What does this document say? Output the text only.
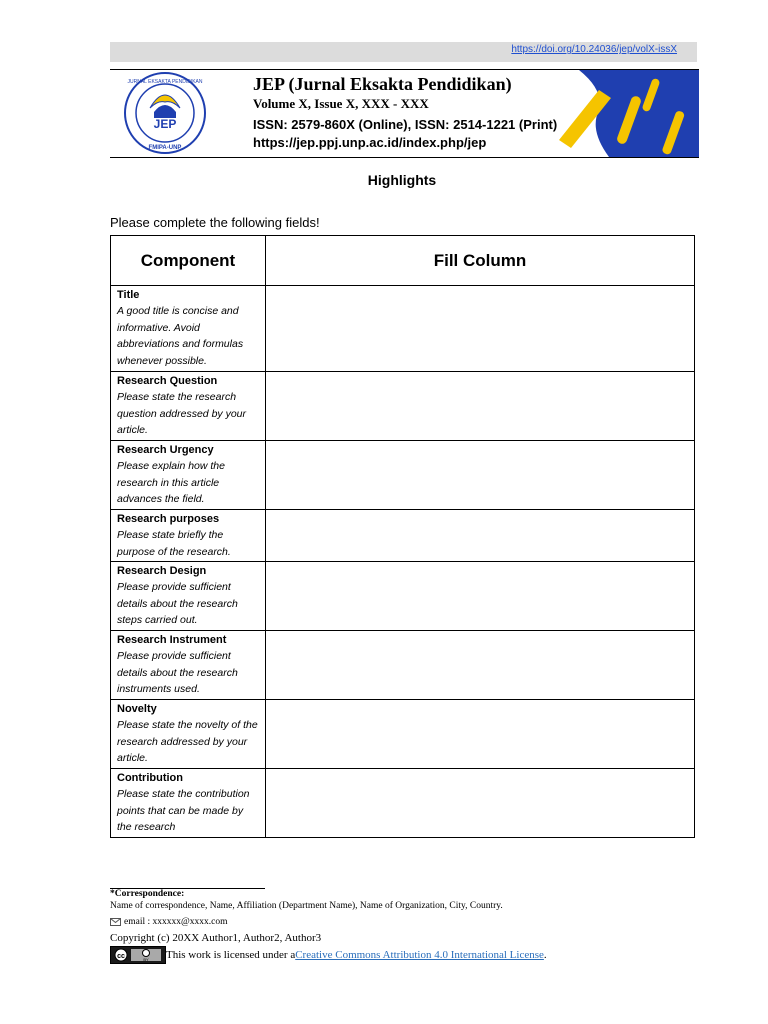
https://doi.org/10.24036/jep/volX-issX
JEP
JURNAL EKSAKTA PENDIDIKAN
FMIPA-UNP
JEP (Jurnal Eksakta Pendidikan)
Volume X, Issue X, XXX - XXX
ISSN: 2579-860X (Online), ISSN: 2514-1221 (Print)
https://jep.ppj.unp.ac.id/index.php/jep
Highlights
Please complete the following fields!
Component	Fill Column

Title
A good title is concise and informative. Avoid abbreviations and formulas whenever possible.	

Research Question
Please state the research question addressed by your article.	

Research Urgency
Please explain how the research in this article advances the field.	

Research purposes
Please state briefly the purpose of the research.	

Research Design
Please provide sufficient details about the research steps carried out.	

Research Instrument
Please provide sufficient details about the research instruments used.	

Novelty
Please state the novelty of the research addressed by your article.	

Contribution
Please state the contribution points that can be made by the research	

*Correspondence:
Name of correspondence, Name, Affiliation (Department Name), Name of Organization, City, Country.
email : xxxxxx@xxxx.com
Copyright (c) 20XX Author1, Author2, Author3
cc	BY This work is licensed under a Creative Commons Attribution 4.0 International License .
